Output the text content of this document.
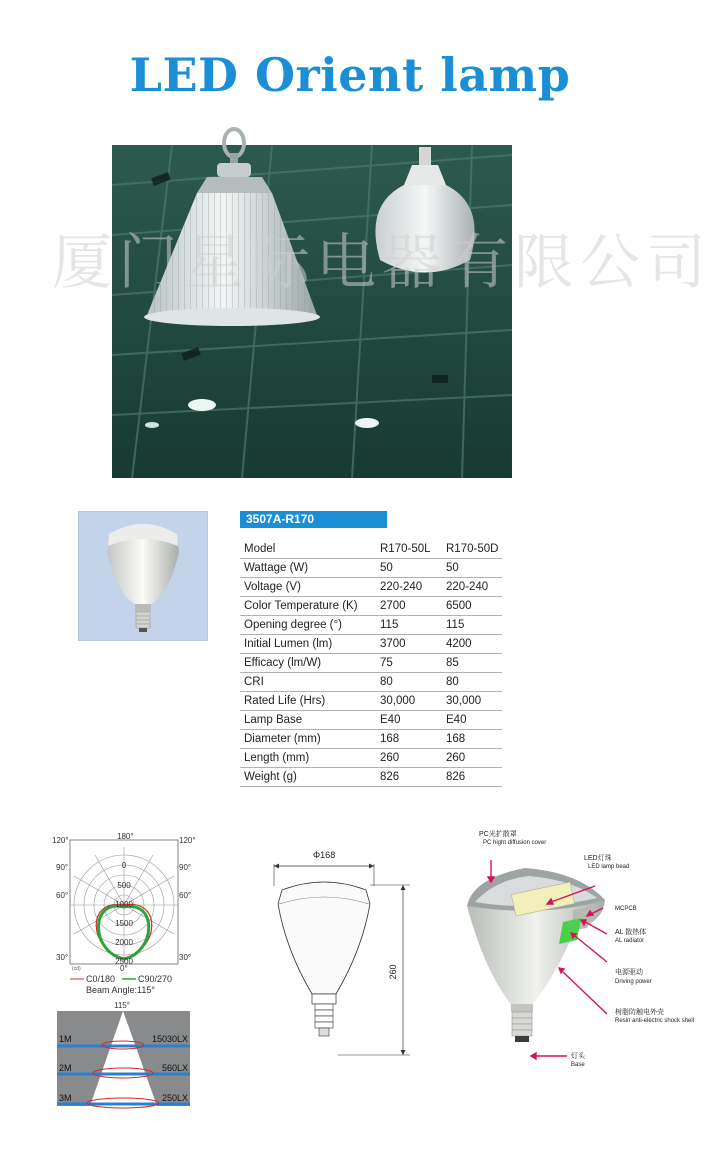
LED Orient lamp
厦门星际电器有限公司
3507A-R170
Model	R170-50L	R170-50D
Wattage (W)	50	50
Voltage (V)	220-240	220-240
Color Temperature (K)	2700	6500
Opening degree (°)	115	115
Initial Lumen (lm)	3700	4200
Efficacy (lm/W)	75	85
CRI	80	80
Rated Life (Hrs)	30,000	30,000
Lamp Base	E40	E40
Diameter (mm)	168	168
Length (mm)	260	260
Weight (g)	826	826
180°
120°	120°
90°	90°
60°	60°
30°	30°
0°
0
500
1000
1500
2000
2500
(cd)
C0/180	C90/270
Beam Angle:115°
115°
1M	15030LX
2M	560LX
3M	250LX
Φ168
260
PC光扩散罩
PC hight diffusion cover
LED灯珠
LED lamp bead
MCPCB
AL 散热体
AL radiator
电源驱动
Driving power
树脂防触电外壳
Resin anti-electric shock shell
灯头
Base
